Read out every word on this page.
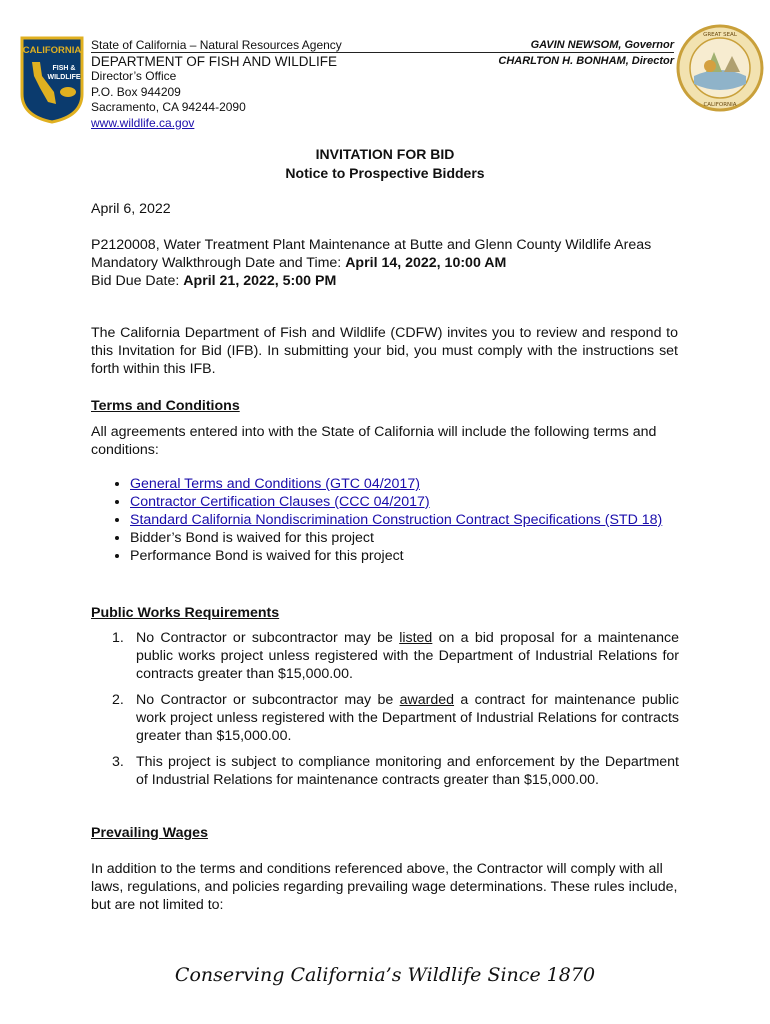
CALIFORNIA
FISH &
WILDLIFE
GREAT SEAL
CALIFORNIA
State of California – Natural Resources Agency	GAVIN NEWSOM, Governor
DEPARTMENT OF FISH AND WILDLIFE	CHARLTON H. BONHAM, Director
Director’s Office
P.O. Box 944209
Sacramento, CA 94244-2090
www.wildlife.ca.gov
INVITATION FOR BID
Notice to Prospective Bidders
April 6, 2022
P2120008, Water Treatment Plant Maintenance at Butte and Glenn County Wildlife Areas
Mandatory Walkthrough Date and Time: April 14, 2022, 10:00 AM
Bid Due Date: April 21, 2022, 5:00 PM
The California Department of Fish and Wildlife (CDFW) invites you to review and respond to this Invitation for Bid (IFB). In submitting your bid, you must comply with the instructions set forth within this IFB.
Terms and Conditions
All agreements entered into with the State of California will include the following terms and conditions:
• General Terms and Conditions (GTC 04/2017)
• Contractor Certification Clauses (CCC 04/2017)
• Standard California Nondiscrimination Construction Contract Specifications (STD 18)
• Bidder’s Bond is waived for this project
• Performance Bond is waived for this project
Public Works Requirements
1. No Contractor or subcontractor may be listed on a bid proposal for a maintenance public works project unless registered with the Department of Industrial Relations for contracts greater than $15,000.00.
2. No Contractor or subcontractor may be awarded a contract for maintenance public work project unless registered with the Department of Industrial Relations for contracts greater than $15,000.00.
3. This project is subject to compliance monitoring and enforcement by the Department of Industrial Relations for maintenance contracts greater than $15,000.00.
Prevailing Wages
In addition to the terms and conditions referenced above, the Contractor will comply with all laws, regulations, and policies regarding prevailing wage determinations. These rules include, but are not limited to:
Conserving California’s Wildlife Since 1870
